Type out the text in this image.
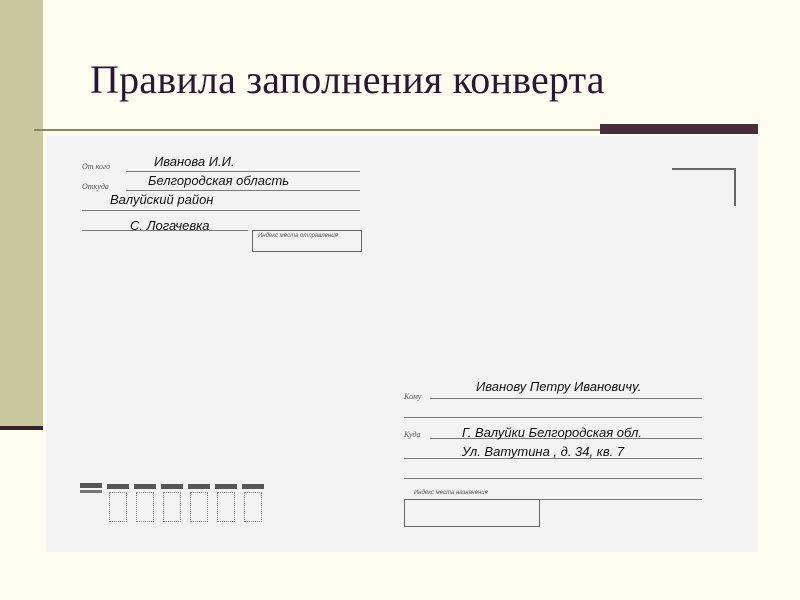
Правила заполнения конверта
От кого	Иванова И.И.
Откуда	Белгородская область
Валуйский район
С. Логачевка
Индекс места отправления
Кому
Иванову Петру Ивановичу.
Куда	Г. Валуйки Белгородская обл.
Ул. Ватутина , д. 34, кв. 7
Индекс места назначения
